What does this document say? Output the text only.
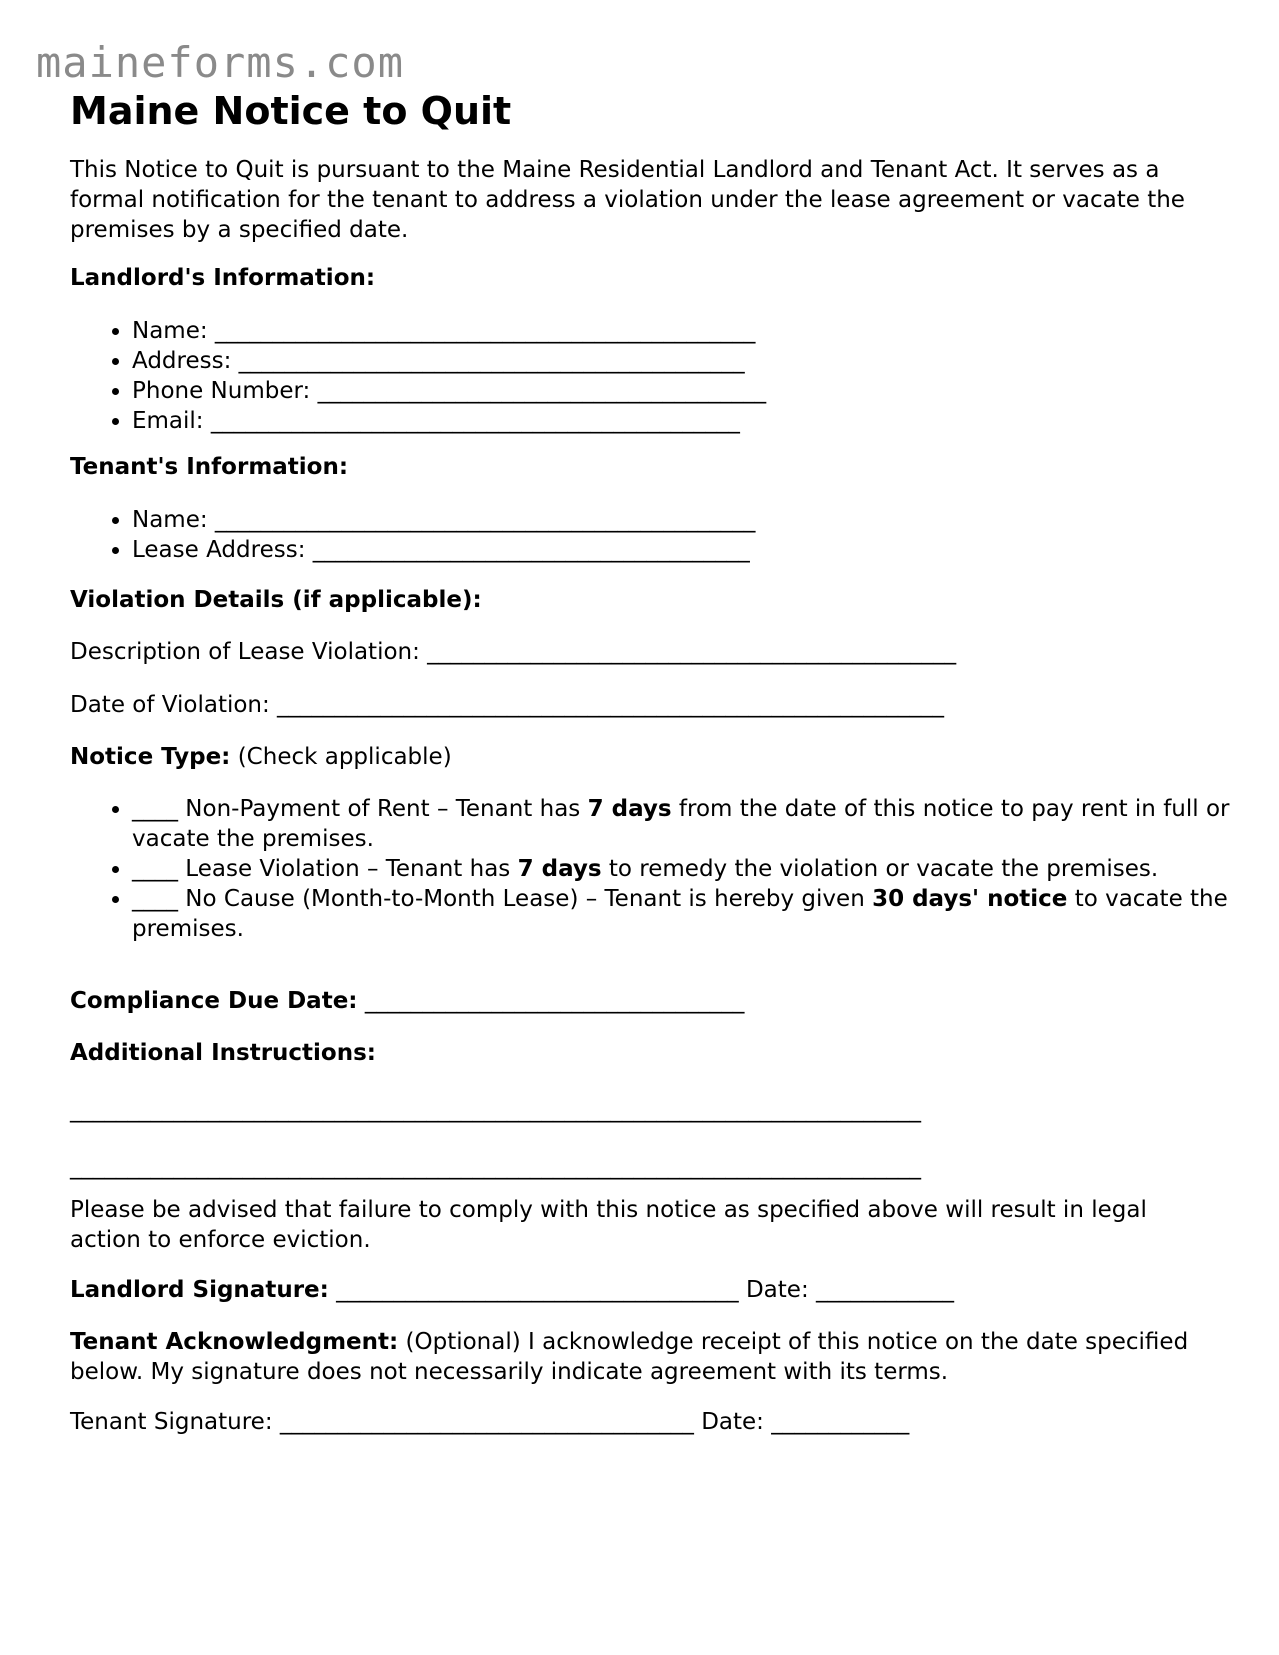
maineforms.com
Maine Notice to Quit
This Notice to Quit is pursuant to the Maine Residential Landlord and Tenant Act. It serves as a formal notification for the tenant to address a violation under the lease agreement or vacate the premises by a specified date.
Landlord's Information:
• Name: _______________________________________________
• Address: ____________________________________________
• Phone Number: _______________________________________
• Email: ______________________________________________
Tenant's Information:
• Name: _______________________________________________
• Lease Address: ______________________________________
Violation Details (if applicable):
Description of Lease Violation: ______________________________________________
Date of Violation: __________________________________________________________
Notice Type: (Check applicable)
• ____ Non-Payment of Rent – Tenant has 7 days from the date of this notice to pay rent in full or vacate the premises.
• ____ Lease Violation – Tenant has 7 days to remedy the violation or vacate the premises.
• ____ No Cause (Month-to-Month Lease) – Tenant is hereby given 30 days' notice to vacate the premises.
Compliance Due Date: _________________________________
Additional Instructions:
__________________________________________________________________________
__________________________________________________________________________
Please be advised that failure to comply with this notice as specified above will result in legal action to enforce eviction.
Landlord Signature: ___________________________________ Date: ____________
Tenant Acknowledgment: (Optional) I acknowledge receipt of this notice on the date specified below. My signature does not necessarily indicate agreement with its terms.
Tenant Signature: ____________________________________ Date: ____________
